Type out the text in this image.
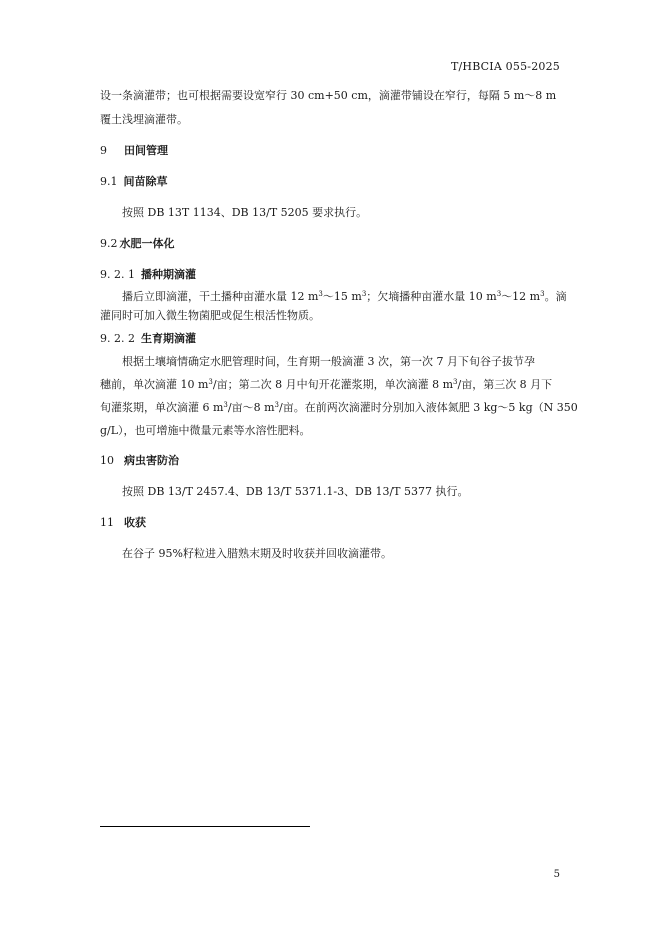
T/HBCIA 055-2025
设一条滴灌带；也可根据需要设宽窄行 30 cm+50 cm，滴灌带铺设在窄行，每隔 5 m～8 m
覆土浅埋滴灌带。
9 田间管理
9.1 间苗除草
按照 DB 13T 1134、DB 13/T 5205 要求执行。
9.2 水肥一体化
9. 2. 1 播种期滴灌
播后立即滴灌，干土播种亩灌水量 12 $m^3\sim 15$ $m^3$；欠墒播种亩灌水量 10 $m^3\sim 12$ $m^3$。滴
灌同时可加入微生物菌肥或促生根活性物质。
9. 2. 2 生育期滴灌
根据土壤墒情确定水肥管理时间，生育期一般滴灌 3 次，第一次 7 月下旬谷子拔节孕
穗前，单次滴灌 10 $m^3/$亩；第二次 8 月中旬开花灌浆期，单次滴灌 8 $m^3/$亩，第三次 8 月下
旬灌浆期，单次滴灌 6 $m^3/$亩～8 $m^3/$亩。在前两次滴灌时分别加入液体氮肥 3 kg～5 kg（N 350
g/L），也可增施中微量元素等水溶性肥料。
10 病虫害防治
按照 DB 13/T 2457.4、DB 13/T 5371.1-3、DB 13/T 5377 执行。
11 收获
在谷子 95%籽粒进入腊熟末期及时收获并回收滴灌带。
5
